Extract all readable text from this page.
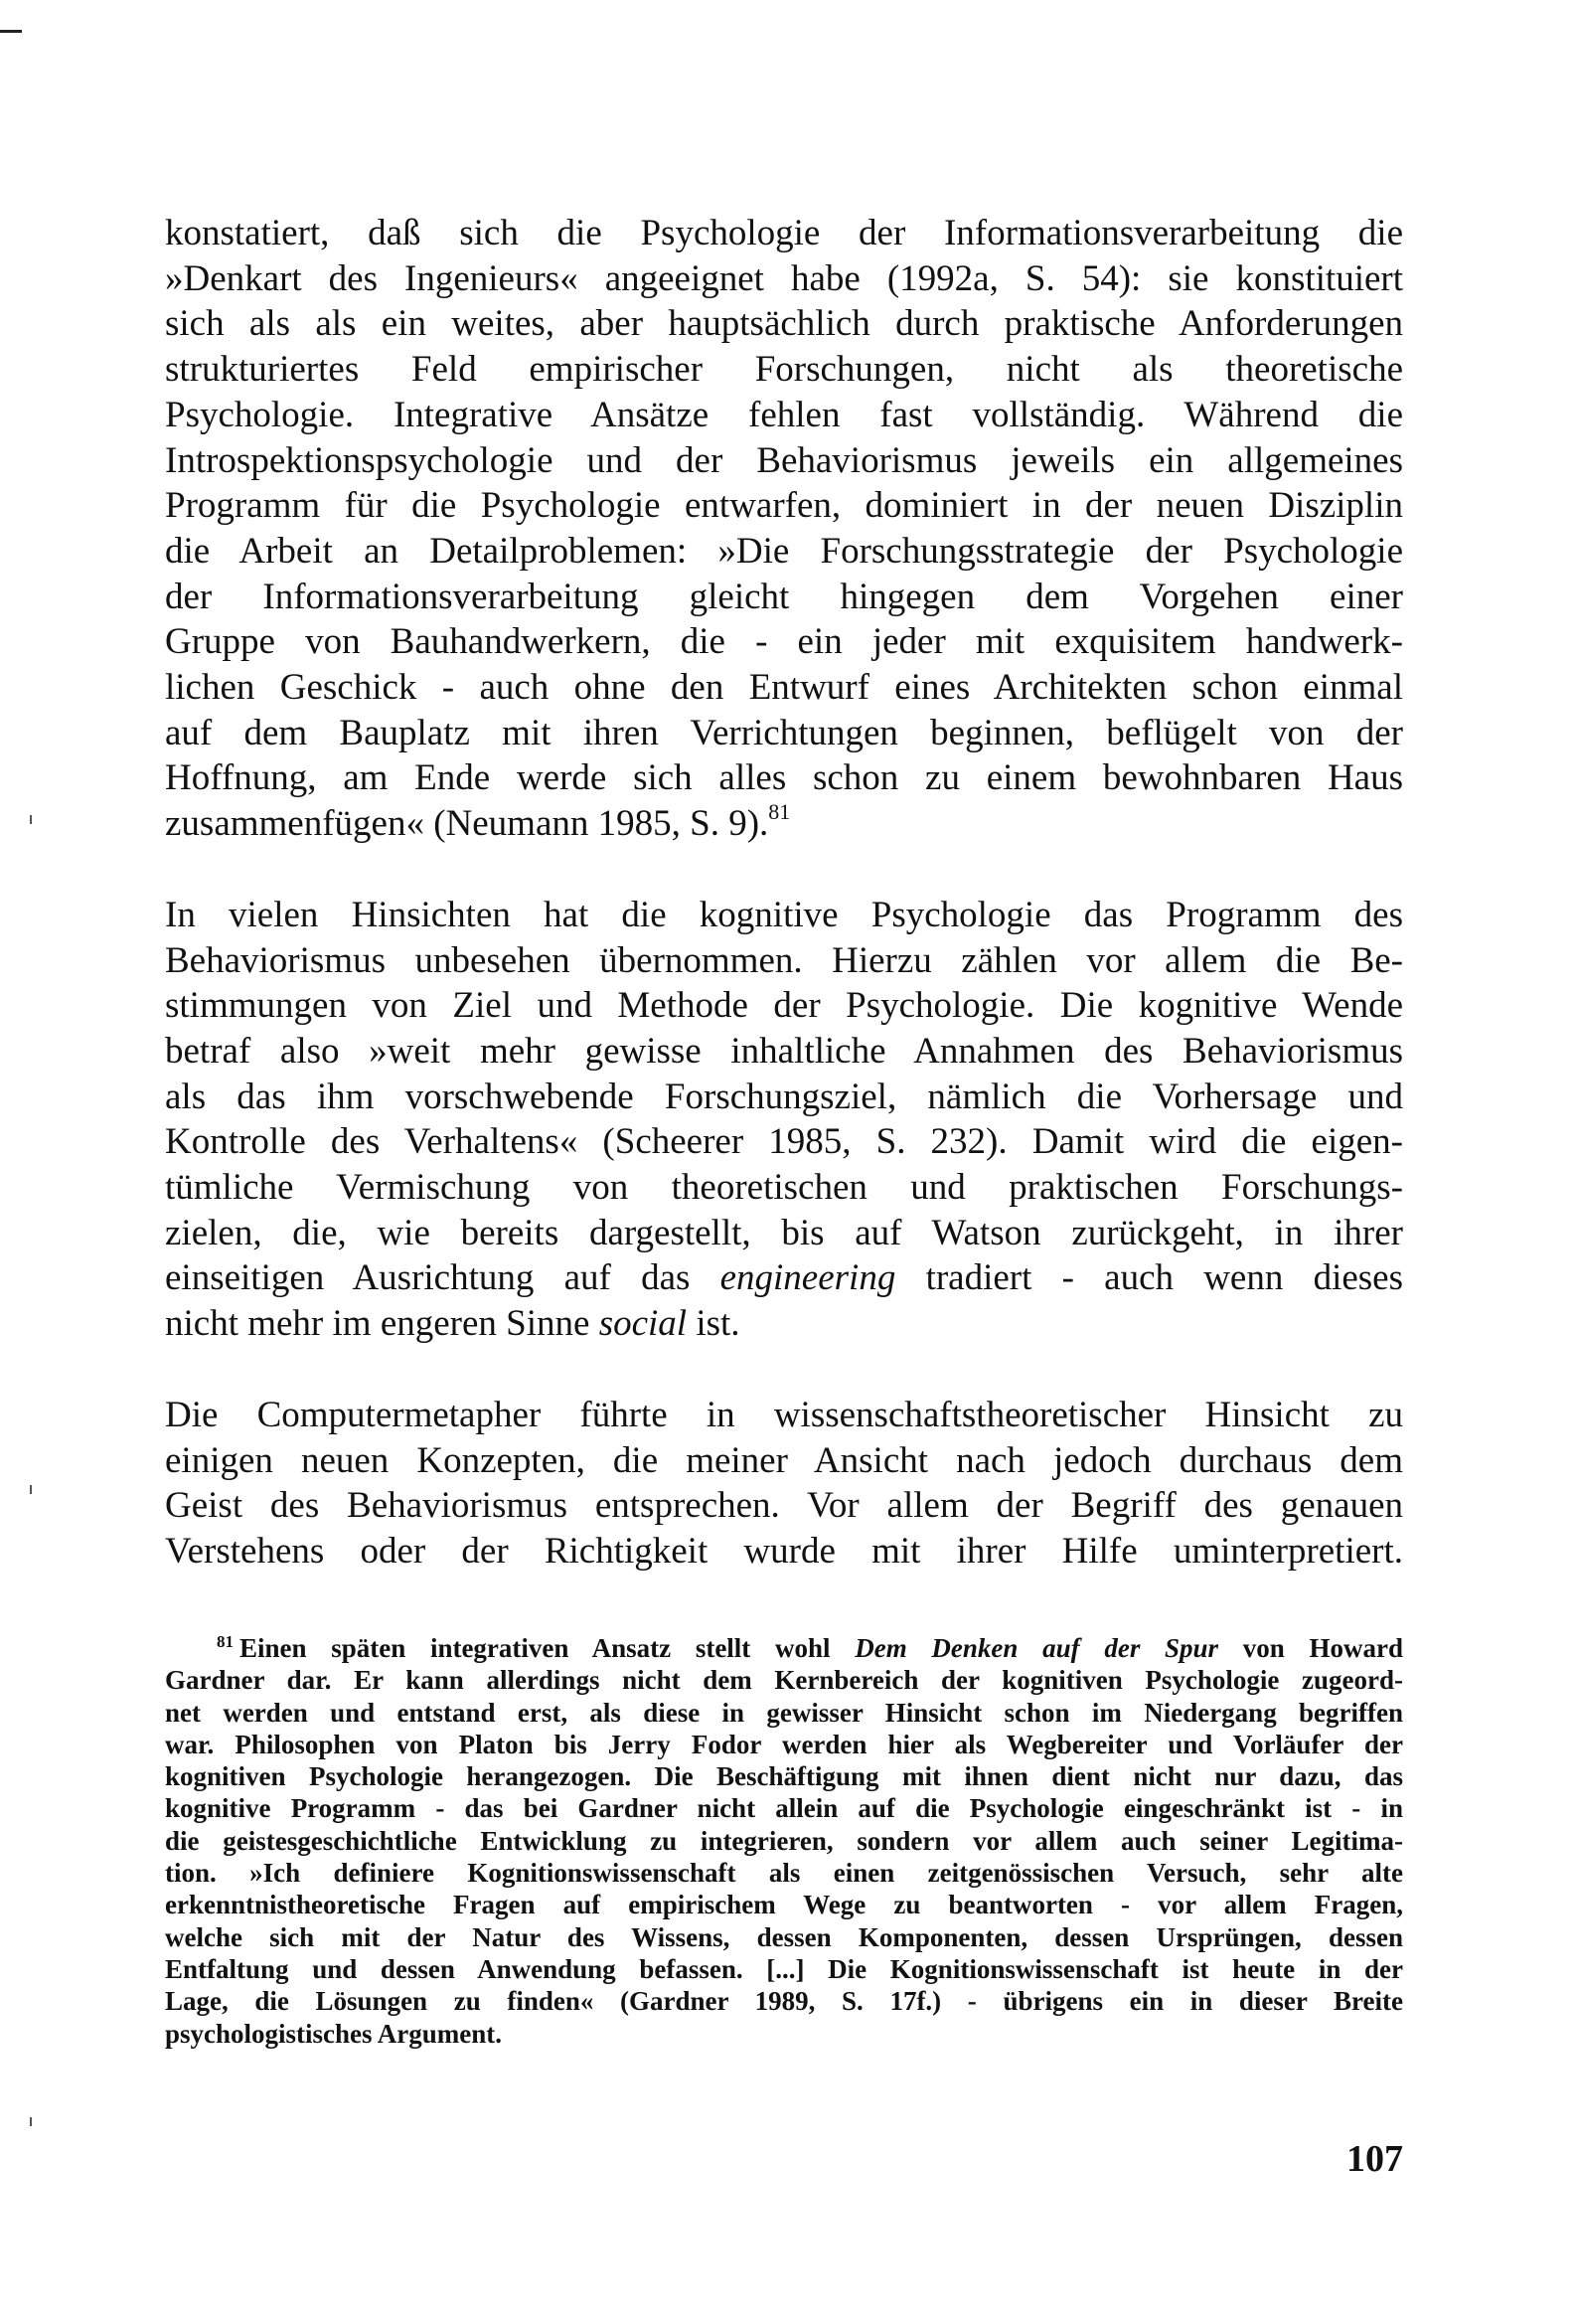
konstatiert, daß sich die Psychologie der Informationsverarbeitung die
»Denkart des Ingenieurs« angeeignet habe (1992a, S. 54): sie konstituiert
sich als als ein weites, aber hauptsächlich durch praktische Anforderungen
strukturiertes Feld empirischer Forschungen, nicht als theoretische
Psychologie. Integrative Ansätze fehlen fast vollständig. Während die
Introspektionspsychologie und der Behaviorismus jeweils ein allgemeines
Programm für die Psychologie entwarfen, dominiert in der neuen Disziplin
die Arbeit an Detailproblemen: »Die Forschungsstrategie der Psychologie
der Informationsverarbeitung gleicht hingegen dem Vorgehen einer
Gruppe von Bauhandwerkern, die - ein jeder mit exquisitem handwerk-
lichen Geschick - auch ohne den Entwurf eines Architekten schon einmal
auf dem Bauplatz mit ihren Verrichtungen beginnen, beflügelt von der
Hoffnung, am Ende werde sich alles schon zu einem bewohnbaren Haus
zusammenfügen« (Neumann 1985, S. 9).$^{81}$

In vielen Hinsichten hat die kognitive Psychologie das Programm des
Behaviorismus unbesehen übernommen. Hierzu zählen vor allem die Be-
stimmungen von Ziel und Methode der Psychologie. Die kognitive Wende
betraf also »weit mehr gewisse inhaltliche Annahmen des Behaviorismus
als das ihm vorschwebende Forschungsziel, nämlich die Vorhersage und
Kontrolle des Verhaltens« (Scheerer 1985, S. 232). Damit wird die eigen-
tümliche Vermischung von theoretischen und praktischen Forschungs-
zielen, die, wie bereits dargestellt, bis auf Watson zurückgeht, in ihrer
einseitigen Ausrichtung auf das engineering tradiert - auch wenn dieses
nicht mehr im engeren Sinne social ist.

Die Computermetapher führte in wissenschaftstheoretischer Hinsicht zu
einigen neuen Konzepten, die meiner Ansicht nach jedoch durchaus dem
Geist des Behaviorismus entsprechen. Vor allem der Begriff des genauen
Verstehens oder der Richtigkeit wurde mit ihrer Hilfe uminterpretiert.

$^{81}$ Einen späten integrativen Ansatz stellt wohl Dem Denken auf der Spur von Howard
Gardner dar. Er kann allerdings nicht dem Kernbereich der kognitiven Psychologie zugeord-
net werden und entstand erst, als diese in gewisser Hinsicht schon im Niedergang begriffen
war. Philosophen von Platon bis Jerry Fodor werden hier als Wegbereiter und Vorläufer der
kognitiven Psychologie herangezogen. Die Beschäftigung mit ihnen dient nicht nur dazu, das
kognitive Programm - das bei Gardner nicht allein auf die Psychologie eingeschränkt ist - in
die geistesgeschichtliche Entwicklung zu integrieren, sondern vor allem auch seiner Legitima-
tion. »Ich definiere Kognitionswissenschaft als einen zeitgenössischen Versuch, sehr alte
erkenntnistheoretische Fragen auf empirischem Wege zu beantworten - vor allem Fragen,
welche sich mit der Natur des Wissens, dessen Komponenten, dessen Ursprüngen, dessen
Entfaltung und dessen Anwendung befassen. [...] Die Kognitionswissenschaft ist heute in der
Lage, die Lösungen zu finden« (Gardner 1989, S. 17f.) - übrigens ein in dieser Breite
psychologistisches Argument.
107
